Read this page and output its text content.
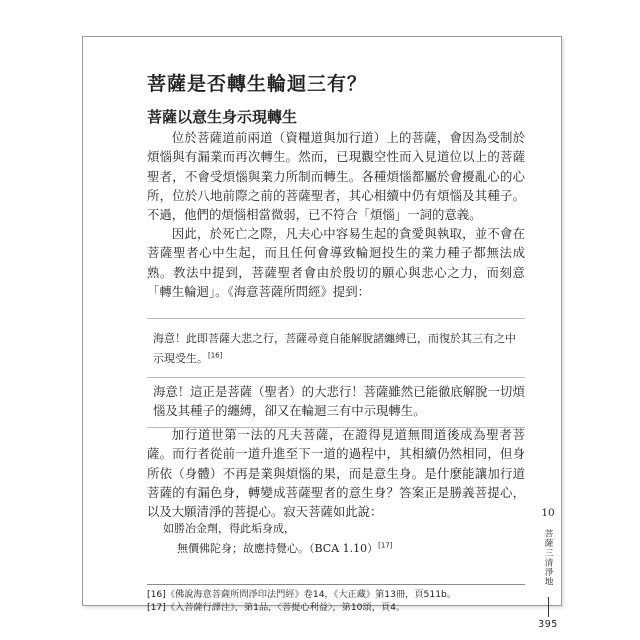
菩薩是否轉生輪迴三有？
菩薩以意生身示現轉生

位於菩薩道前兩道（資糧道與加行道）上的菩薩，會因為受制於煩惱與有漏業而再次轉生。然而，已現觀空性而入見道位以上的菩薩聖者，不會受煩惱與業力所制而轉生。各種煩惱都屬於會擾亂心的心所，位於八地前際之前的菩薩聖者，其心相續中仍有煩惱及其種子。不過，他們的煩惱相當微弱，已不符合「煩惱」一詞的意義。

因此，於死亡之際，凡夫心中容易生起的貪愛與執取，並不會在菩薩聖者心中生起，而且任何會導致輪迴投生的業力種子都無法成熟。教法中提到，菩薩聖者會由於殷切的願心與悲心之力，而刻意「轉生輪迴」。《海意菩薩所問經》提到：

海意！此即菩薩大悲之行，菩薩尋竟自能解脫諸纏縛已，而復於其三有之中示現受生。[16]

海意！這正是菩薩（聖者）的大悲行！菩薩雖然已能徹底解脫一切煩惱及其種子的纏縛，卻又在輪迴三有中示現轉生。

加行道世第一法的凡夫菩薩，在證得見道無間道後成為聖者菩薩。而行者從前一道升進至下一道的過程中，其相續仍然相同，但身所依（身體）不再是業與煩惱的果，而是意生身。是什麼能讓加行道菩薩的有漏色身，轉變成菩薩聖者的意生身？答案正是勝義菩提心，以及大願清淨的菩提心。寂天菩薩如此說：

如勝冶金劑，得此垢身成，
無價佛陀身；故應持覺心。（BCA 1.10）[17]

[16]《佛說海意菩薩所問淨印法門經》卷14，《大正藏》第13冊，頁511b。

[17]《入菩薩行譯注》，第1品，〈菩提心利益〉，第10頌，頁4。

10
菩薩三清淨地
395
